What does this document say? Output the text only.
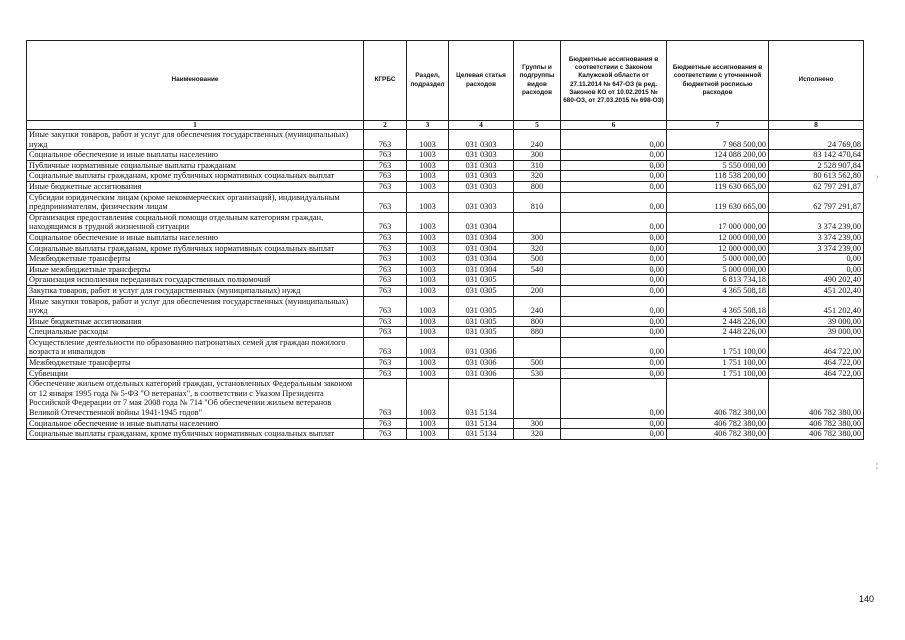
Наименование	КГРБС	Раздел, подраздел	Целевая статья расходов	Группы и подгруппы видов расходов	Бюджетные ассигнования в соответствии с Законом Калужской области от 27.11.2014 № 647-ОЗ (в ред. Законов КО от 10.02.2015 № 680-ОЗ, от 27.03.2015 № 698-ОЗ)	Бюджетные ассигнования в соответствии с уточненной бюджетной росписью расходов	Исполнено
1	2	3	4	5	6	7	8
Иные закупки товаров, работ и услуг для обеспечения государственных (муниципальных) нужд	763	1003	031 0303	240	0,00	7 968 500,00	24 769,08
Социальное обеспечение и иные выплаты населению	763	1003	031 0303	300	0,00	124 088 200,00	83 142 470,64
Публичные нормативные социальные выплаты гражданам	763	1003	031 0303	310	0,00	5 550 000,00	2 528 907,84
Социальные выплаты гражданам, кроме публичных нормативных социальных выплат	763	1003	031 0303	320	0,00	118 538 200,00	80 613 562,80
Иные бюджетные ассигнования	763	1003	031 0303	800	0,00	119 630 665,00	62 797 291,87
Субсидии юридическим лицам (кроме некоммерческих организаций), индивидуальным предпринимателям, физическим лицам	763	1003	031 0303	810	0,00	119 630 665,00	62 797 291,87
Организация предоставления социальной помощи отдельным категориям граждан, находящимся в трудной жизненной ситуации	763	1003	031 0304		0,00	17 000 000,00	3 374 239,00
Социальное обеспечение и иные выплаты населению	763	1003	031 0304	300	0,00	12 000 000,00	3 374 239,00
Социальные выплаты гражданам, кроме публичных нормативных социальных выплат	763	1003	031 0304	320	0,00	12 000 000,00	3 374 239,00
Межбюджетные трансферты	763	1003	031 0304	500	0,00	5 000 000,00	0,00
Иные межбюджетные трансферты	763	1003	031 0304	540	0,00	5 000 000,00	0,00
Организация исполнения переданных государственных полномочий	763	1003	031 0305		0,00	6 813 734,18	490 202,40
Закупка товаров, работ и услуг для государственных (муниципальных) нужд	763	1003	031 0305	200	0,00	4 365 508,18	451 202,40
Иные закупки товаров, работ и услуг для обеспечения государственных (муниципальных) нужд	763	1003	031 0305	240	0,00	4 365 508,18	451 202,40
Иные бюджетные ассигнования	763	1003	031 0305	800	0,00	2 448 226,00	39 000,00
Специальные расходы	763	1003	031 0305	880	0,00	2 448 226,00	39 000,00
Осуществление деятельности по образованию патронатных семей для граждан пожилого возраста и инвалидов	763	1003	031 0306		0,00	1 751 100,00	464 722,00
Межбюджетные трансферты	763	1003	031 0306	500	0,00	1 751 100,00	464 722,00
Субвенции	763	1003	031 0306	530	0,00	1 751 100,00	464 722,00
Обеспечение жильем отдельных категорий граждан, установленных Федеральным законом от 12 января 1995 года № 5-ФЗ "О ветеранах", в соответствии с Указом Президента Российской Федерации от 7 мая 2008 года № 714 "Об обеспечении жильем ветеранов Великой Отечественной войны 1941-1945 годов"	763	1003	031 5134		0,00	406 782 380,00	406 782 380,00
Социальное обеспечение и иные выплаты населению	763	1003	031 5134	300	0,00	406 782 380,00	406 782 380,00
Социальные выплаты гражданам, кроме публичных нормативных социальных выплат	763	1003	031 5134	320	0,00	406 782 380,00	406 782 380,00
›
¦
140
